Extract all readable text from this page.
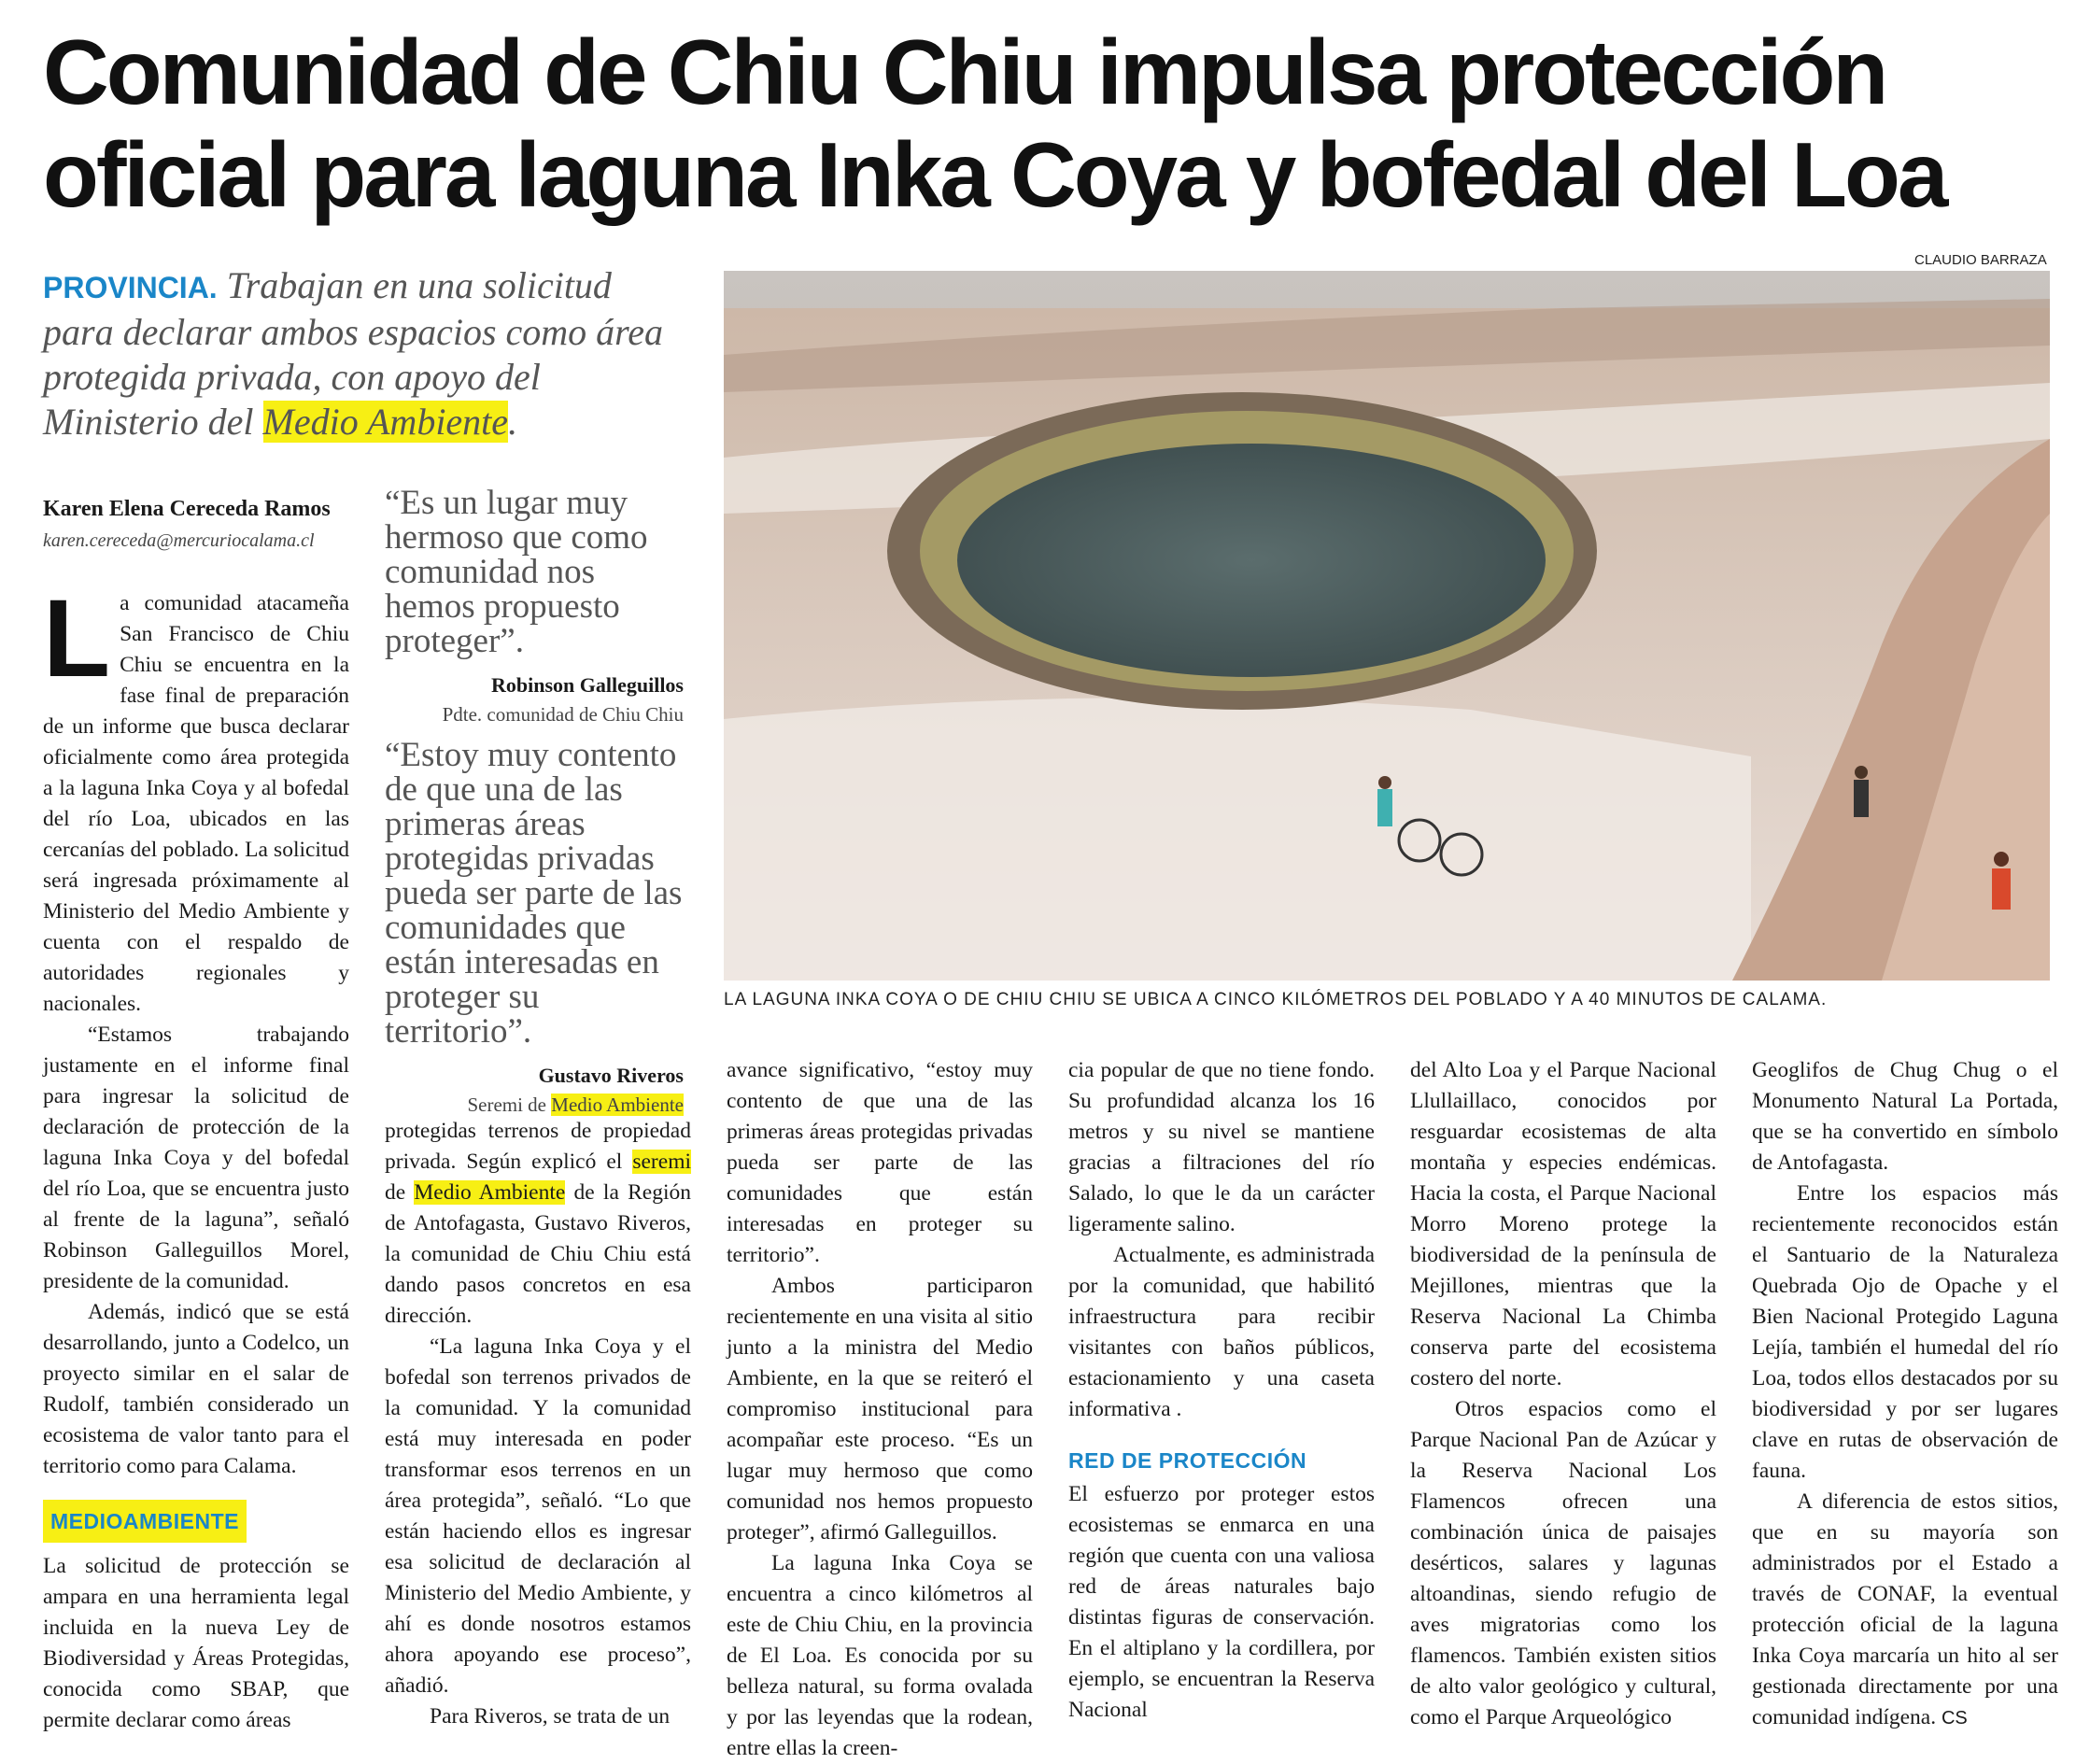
Comunidad de Chiu Chiu impulsa protección
oficial para laguna Inka Coya y bofedal del Loa
CLAUDIO BARRAZA
PROVINCIA. Trabajan en una solicitud para declarar ambos espacios como área protegida privada, con apoyo del Ministerio del Medio Ambiente.
LA LAGUNA INKA COYA O DE CHIU CHIU SE UBICA A CINCO KILÓMETROS DEL POBLADO Y A 40 MINUTOS DE CALAMA.
Karen Elena Cereceda Ramos
karen.cereceda@mercuriocalama.cl

La comunidad atacameña San Francisco de Chiu Chiu se encuentra en la fase final de preparación de un informe que busca declarar oficialmente como área protegida a la laguna Inka Coya y al bofedal del río Loa, ubicados en las cercanías del poblado. La solicitud será ingresada próximamente al Ministerio del Medio Ambiente y cuenta con el respaldo de autoridades regionales y nacionales.

“Estamos trabajando justamente en el informe final para ingresar la solicitud de declaración de protección de la laguna Inka Coya y del bofedal del río Loa, que se encuentra justo al frente de la laguna”, señaló Robinson Galleguillos Morel, presidente de la comunidad.

Además, indicó que se está desarrollando, junto a Codelco, un proyecto similar en el salar de Rudolf, también considerado un ecosistema de valor tanto para el territorio como para Calama.

MEDIOAMBIENTE

La solicitud de protección se ampara en una herramienta legal incluida en la nueva Ley de Biodiversidad y Áreas Protegidas, conocida como SBAP, que permite declarar como áreas

“Es un lugar muy hermoso que como comunidad nos hemos propuesto proteger”.
Robinson Galleguillos
Pdte. comunidad de Chiu Chiu
“Estoy muy contento de que una de las primeras áreas protegidas privadas pueda ser parte de las comunidades que están interesadas en proteger su territorio”.
Gustavo Riveros
Seremi de Medio Ambiente

protegidas terrenos de propiedad privada. Según explicó el seremi de Medio Ambiente de la Región de Antofagasta, Gustavo Riveros, la comunidad de Chiu Chiu está dando pasos concretos en esa dirección.

“La laguna Inka Coya y el bofedal son terrenos privados de la comunidad. Y la comunidad está muy interesada en poder transformar esos terrenos en un área protegida”, señaló. “Lo que están haciendo ellos es ingresar esa solicitud de declaración al Ministerio del Medio Ambiente, y ahí es donde nosotros estamos ahora apoyando ese proceso”, añadió.

Para Riveros, se trata de un

avance significativo, “estoy muy contento de que una de las primeras áreas protegidas privadas pueda ser parte de las comunidades que están interesadas en proteger su territorio”.

Ambos participaron recientemente en una visita al sitio junto a la ministra del Medio Ambiente, en la que se reiteró el compromiso institucional para acompañar este proceso. “Es un lugar muy hermoso que como comunidad nos hemos propuesto proteger”, afirmó Galleguillos.

La laguna Inka Coya se encuentra a cinco kilómetros al este de Chiu Chiu, en la provincia de El Loa. Es conocida por su belleza natural, su forma ovalada y por las leyendas que la rodean, entre ellas la creen-

cia popular de que no tiene fondo. Su profundidad alcanza los 16 metros y su nivel se mantiene gracias a filtraciones del río Salado, lo que le da un carácter ligeramente salino.

Actualmente, es administrada por la comunidad, que habilitó infraestructura para recibir visitantes con baños públicos, estacionamiento y una caseta informativa .

RED DE PROTECCIÓN

El esfuerzo por proteger estos ecosistemas se enmarca en una región que cuenta con una valiosa red de áreas naturales bajo distintas figuras de conservación. En el altiplano y la cordillera, por ejemplo, se encuentran la Reserva Nacional

del Alto Loa y el Parque Nacional Llullaillaco, conocidos por resguardar ecosistemas de alta montaña y especies endémicas. Hacia la costa, el Parque Nacional Morro Moreno protege la biodiversidad de la península de Mejillones, mientras que la Reserva Nacional La Chimba conserva parte del ecosistema costero del norte.

Otros espacios como el Parque Nacional Pan de Azúcar y la Reserva Nacional Los Flamencos ofrecen una combinación única de paisajes desérticos, salares y lagunas altoandinas, siendo refugio de aves migratorias como los flamencos. También existen sitios de alto valor geológico y cultural, como el Parque Arqueológico

Geoglifos de Chug Chug o el Monumento Natural La Portada, que se ha convertido en símbolo de Antofagasta.

Entre los espacios más recientemente reconocidos están el Santuario de la Naturaleza Quebrada Ojo de Opache y el Bien Nacional Protegido Laguna Lejía, también el humedal del río Loa, todos ellos destacados por su biodiversidad y por ser lugares clave en rutas de observación de fauna.

A diferencia de estos sitios, que en su mayoría son administrados por el Estado a través de CONAF, la eventual protección oficial de la laguna Inka Coya marcaría un hito al ser gestionada directamente por una comunidad indígena. CS
